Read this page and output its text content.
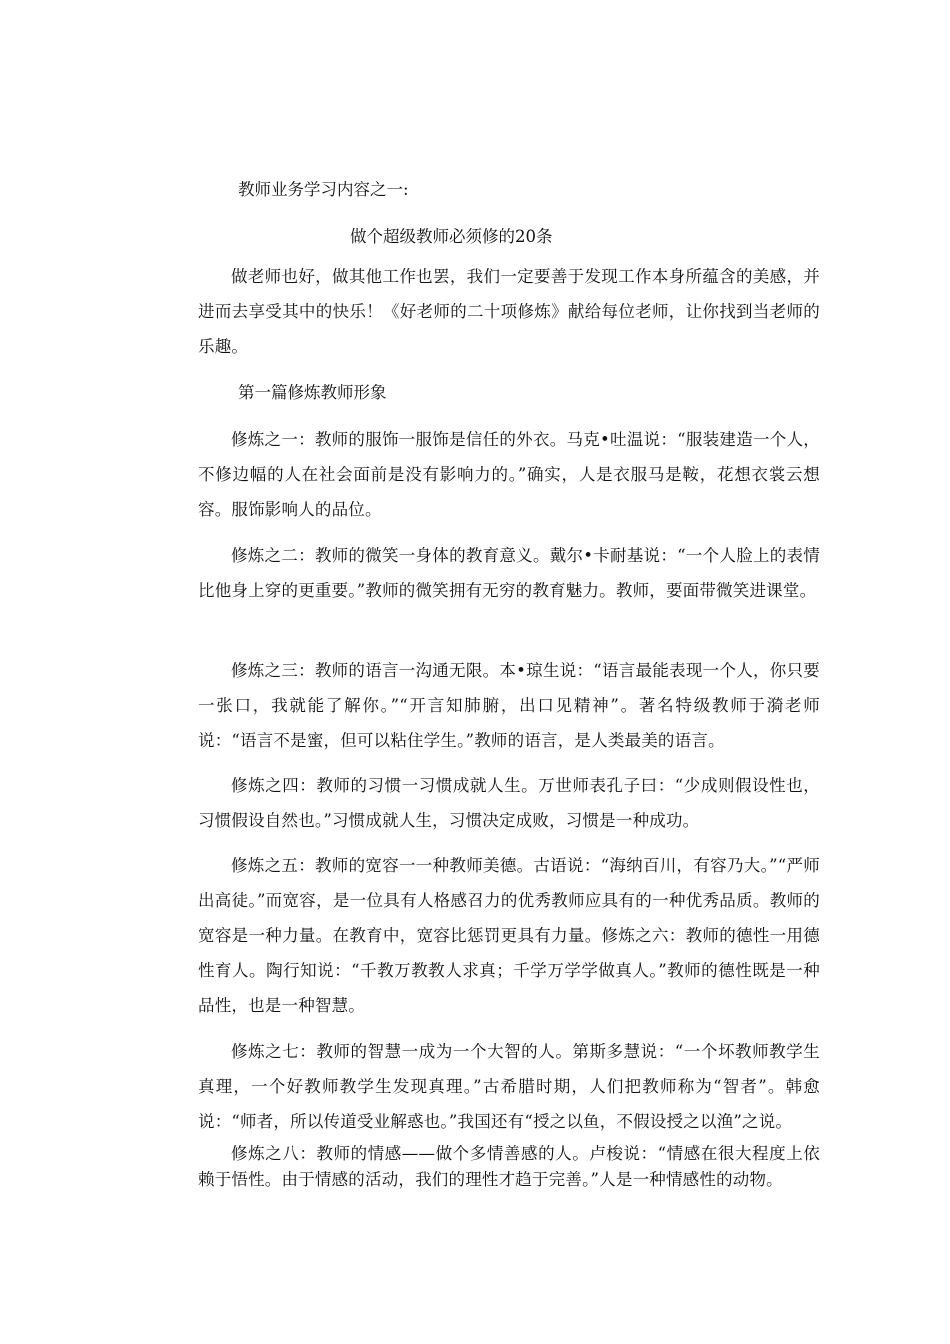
教师业务学习内容之一:

做个超级教师必须修的20条

做老师也好，做其他工作也罢，我们一定要善于发现工作本身所蕴含的美感，并进而去享受其中的快乐！《好老师的二十项修炼》献给每位老师，让你找到当老师的乐趣。

第一篇修炼教师形象

修炼之一：教师的服饰一服饰是信任的外衣。马克•吐温说：“服装建造一个人，不修边幅的人在社会面前是没有影响力的。”确实，人是衣服马是鞍，花想衣裳云想容。服饰影响人的品位。

修炼之二：教师的微笑一身体的教育意义。戴尔•卡耐基说：“一个人脸上的表情比他身上穿的更重要。”教师的微笑拥有无穷的教育魅力。教师，要面带微笑进课堂。

修炼之三：教师的语言一沟通无限。本•琼生说：“语言最能表现一个人，你只要一张口，我就能了解你。”“开言知肺腑，出口见精神”。著名特级教师于漪老师说：“语言不是蜜，但可以粘住学生。”教师的语言，是人类最美的语言。

修炼之四：教师的习惯一习惯成就人生。万世师表孔子曰：“少成则假设性也，习惯假设自然也。”习惯成就人生，习惯决定成败，习惯是一种成功。

修炼之五：教师的宽容一一种教师美德。古语说：“海纳百川，有容乃大。”“严师出高徒。”而宽容，是一位具有人格感召力的优秀教师应具有的一种优秀品质。教师的宽容是一种力量。在教育中，宽容比惩罚更具有力量。修炼之六：教师的德性一用德性育人。陶行知说：“千教万教教人求真；千学万学学做真人。”教师的德性既是一种品性，也是一种智慧。

修炼之七：教师的智慧一成为一个大智的人。第斯多慧说：“一个坏教师教学生真理，一个好教师教学生发现真理。”古希腊时期，人们把教师称为“智者”。韩愈说：“师者，所以传道受业解惑也。”我国还有“授之以鱼，不假设授之以渔”之说。

修炼之八：教师的情感——做个多情善感的人。卢梭说：“情感在很大程度上依赖于悟性。由于情感的活动，我们的理性才趋于完善。”人是一种情感性的动物。
